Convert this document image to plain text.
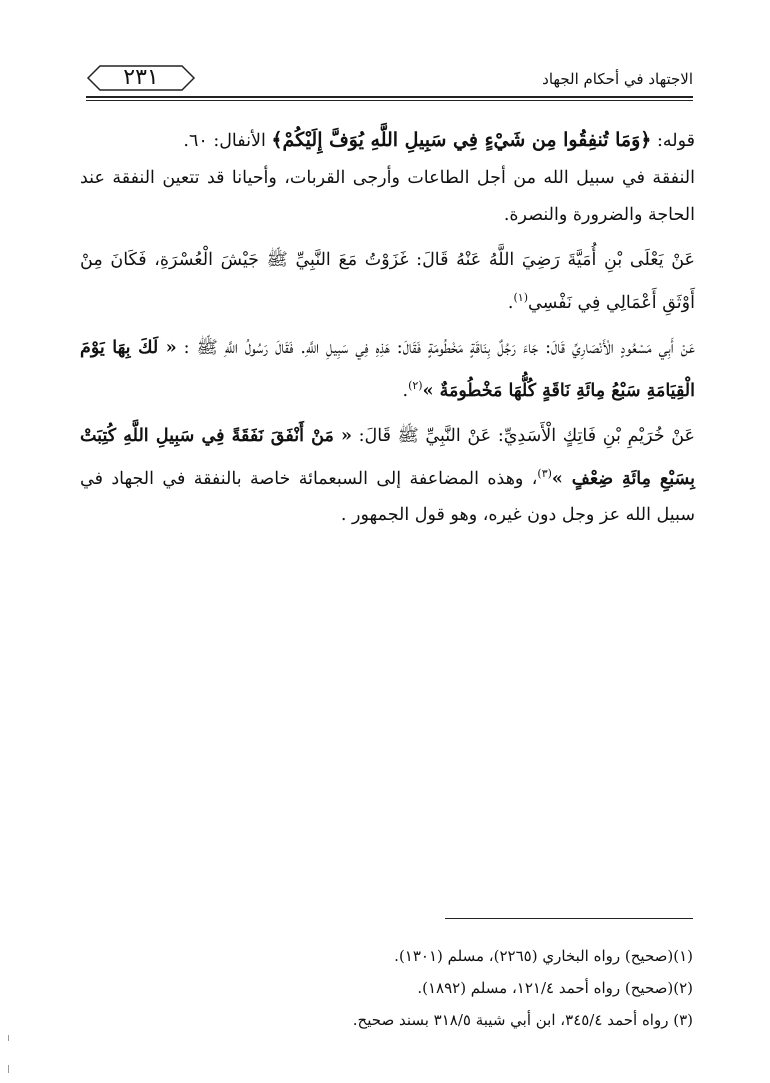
٢٣١	الاجتهاد في أحكام الجهاد

قوله: ﴿وَمَا تُنفِقُوا مِن شَيْءٍ فِي سَبِيلِ اللَّهِ يُوَفَّ إِلَيْكُمْ﴾ الأنفال: ٦٠.

النفقة في سبيل الله من أجل الطاعات وأرجى القربات، وأحيانا قد تتعين النفقة عند الحاجة والضرورة والنصرة.

عَنْ يَعْلَى بْنِ أُمَيَّةَ رَضِيَ اللَّهُ عَنْهُ قَالَ: غَزَوْتُ مَعَ النَّبِيِّ ﷺ جَيْشَ الْعُسْرَةِ، فَكَانَ مِنْ أَوْثَقِ أَعْمَالِي فِي نَفْسِي$^{(١)}$.

عَنْ أَبِي مَسْعُودٍ الْأَنْصَارِيِّ قَالَ: جَاءَ رَجُلٌ بِنَاقَةٍ مَخْطُومَةٍ فَقَالَ: هَذِهِ فِي سَبِيلِ اللَّهِ. فَقَالَ رَسُولُ اللَّهِ ﷺ : « لَكَ بِهَا يَوْمَ الْقِيَامَةِ سَبْعُ مِائَةِ نَاقَةٍ كُلُّهَا مَخْطُومَةٌ »$^{(٢)}$.

عَنْ خُرَيْمِ بْنِ فَاتِكٍ الْأَسَدِيِّ: عَنْ النَّبِيِّ ﷺ قَالَ: « مَنْ أَنْفَقَ نَفَقَةً فِي سَبِيلِ اللَّهِ كُتِبَتْ بِسَبْعِ مِائَةِ ضِعْفٍ »$^{(٣)}$، وهذه المضاعفة إلى السبعمائة خاصة بالنفقة في الجهاد في سبيل الله عز وجل دون غيره، وهو قول الجمهور .

(١)(صحيح) رواه البخاري (٢٢٦٥)، مسلم (١٣٠١).

(٢)(صحيح) رواه أحمد ١٢١/٤، مسلم (١٨٩٢).

(٣) رواه أحمد ٣٤٥/٤، ابن أبي شيبة ٣١٨/٥ بسند صحيح.
